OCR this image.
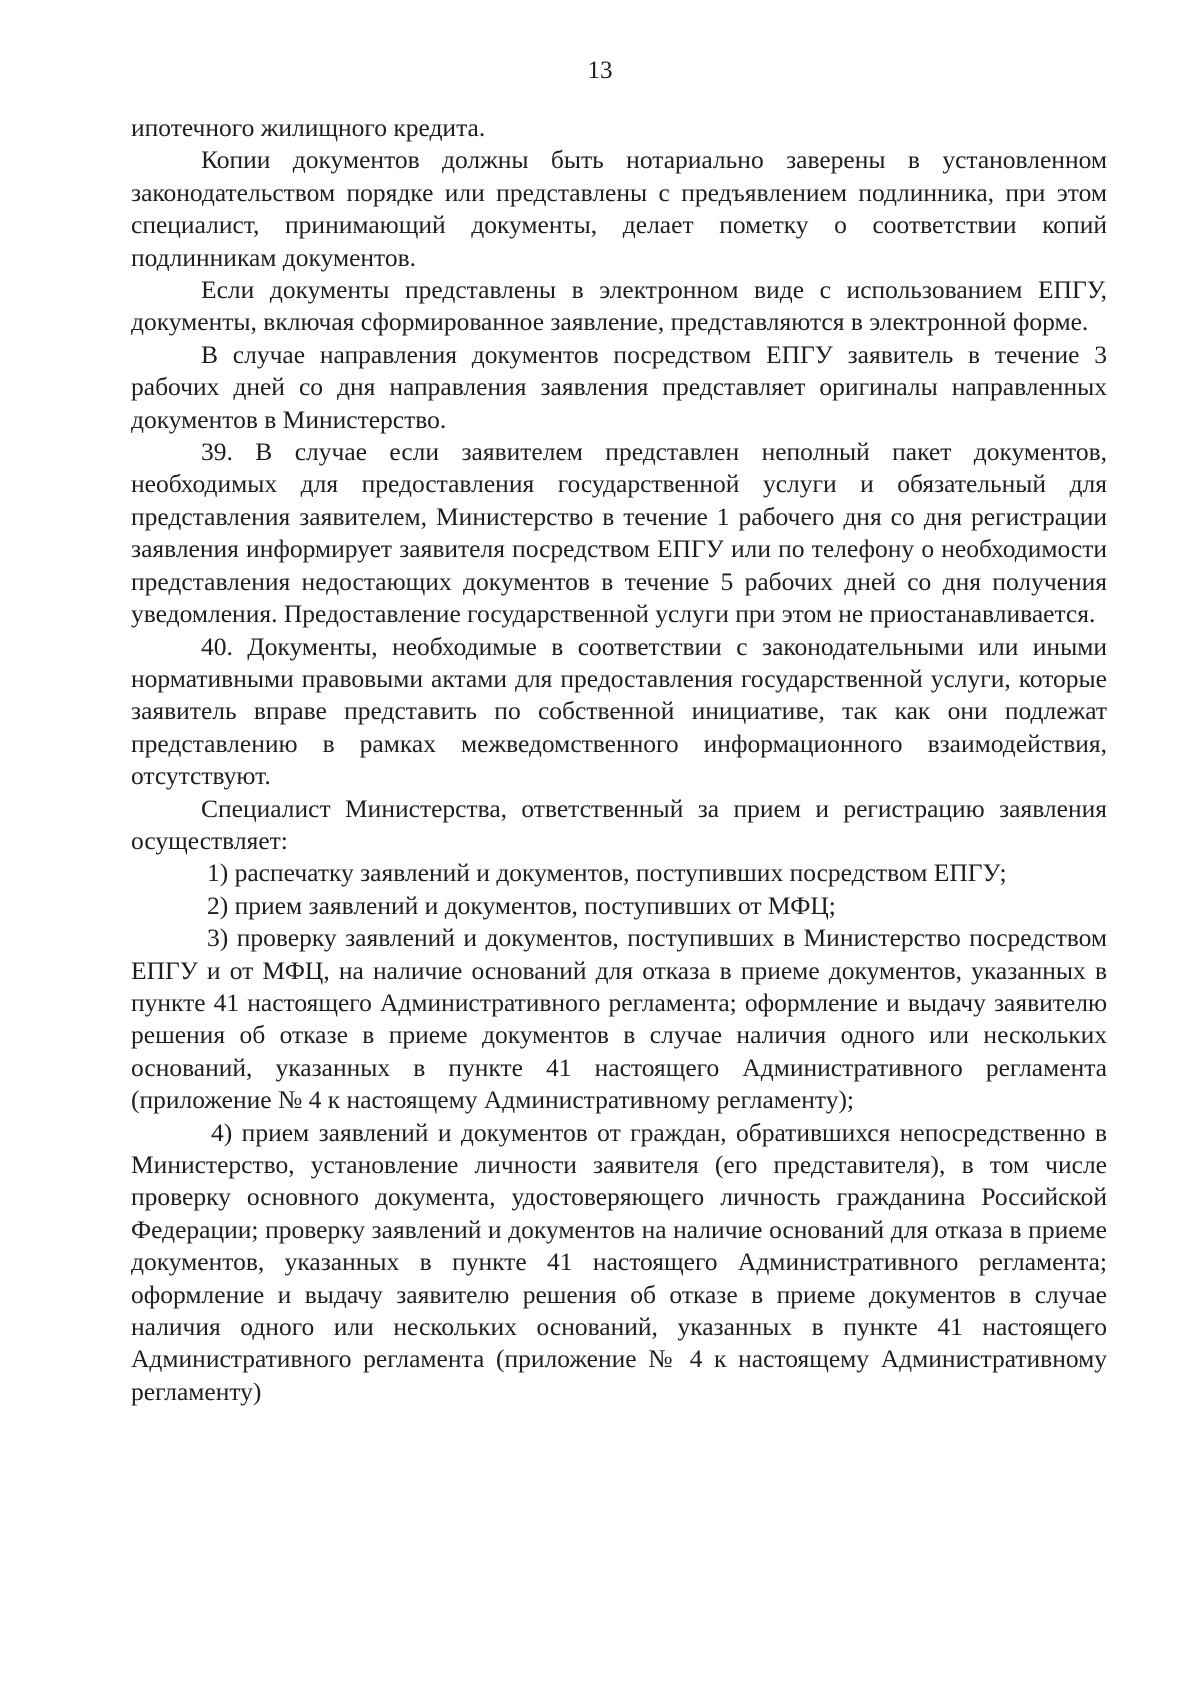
13

ипотечного жилищного кредита.

Копии документов должны быть нотариально заверены в установленном законодательством порядке или представлены с предъявлением подлинника, при этом специалист, принимающий документы, делает пометку о соответствии копий подлинникам документов.

Если документы представлены в электронном виде с использованием ЕПГУ, документы, включая сформированное заявление, представляются в электронной форме.

В случае направления документов посредством ЕПГУ заявитель в течение 3 рабочих дней со дня направления заявления представляет оригиналы направленных документов в Министерство.

39. В случае если заявителем представлен неполный пакет документов, необходимых для предоставления государственной услуги и обязательный для представления заявителем, Министерство в течение 1 рабочего дня со дня регистрации заявления информирует заявителя посредством ЕПГУ или по телефону о необходимости представления недостающих документов в течение 5 рабочих дней со дня получения уведомления. Предоставление государственной услуги при этом не приостанавливается.

40. Документы, необходимые в соответствии с законодательными или иными нормативными правовыми актами для предоставления государственной услуги, которые заявитель вправе представить по собственной инициативе, так как они подлежат представлению в рамках межведомственного информационного взаимодействия, отсутствуют.

Специалист Министерства, ответственный за прием и регистрацию заявления осуществляет:

1) распечатку заявлений и документов, поступивших посредством ЕПГУ;

2) прием заявлений и документов, поступивших от МФЦ;

3) проверку заявлений и документов, поступивших в Министерство посредством ЕПГУ и от МФЦ, на наличие оснований для отказа в приеме документов, указанных в пункте 41 настоящего Административного регламента; оформление и выдачу заявителю решения об отказе в приеме документов в случае наличия одного или нескольких оснований, указанных в пункте 41 настоящего Административного регламента (приложение № 4 к настоящему Административному регламенту);

4) прием заявлений и документов от граждан, обратившихся непосредственно в Министерство, установление личности заявителя (его представителя), в том числе проверку основного документа, удостоверяющего личность гражданина Российской Федерации; проверку заявлений и документов на наличие оснований для отказа в приеме документов, указанных в пункте 41 настоящего Административного регламента; оформление и выдачу заявителю решения об отказе в приеме документов в случае наличия одного или нескольких оснований, указанных в пункте 41 настоящего Административного регламента (приложение № 4 к настоящему Административному регламенту)
